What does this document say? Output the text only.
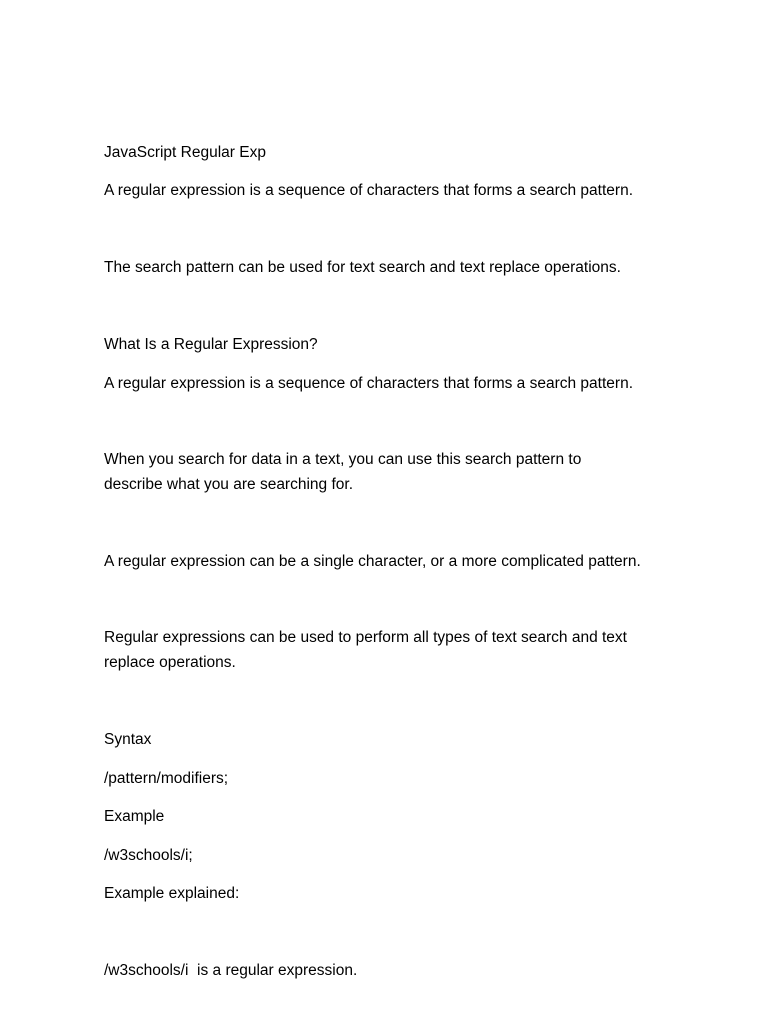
JavaScript Regular Exp

A regular expression is a sequence of characters that forms a search pattern.

The search pattern can be used for text search and text replace operations.

What Is a Regular Expression?

A regular expression is a sequence of characters that forms a search pattern.

When you search for data in a text, you can use this search pattern to describe what you are searching for.

A regular expression can be a single character, or a more complicated pattern.

Regular expressions can be used to perform all types of text search and text replace operations.

Syntax

/pattern/modifiers;

Example

/w3schools/i;

Example explained:

/w3schools/i  is a regular expression.
